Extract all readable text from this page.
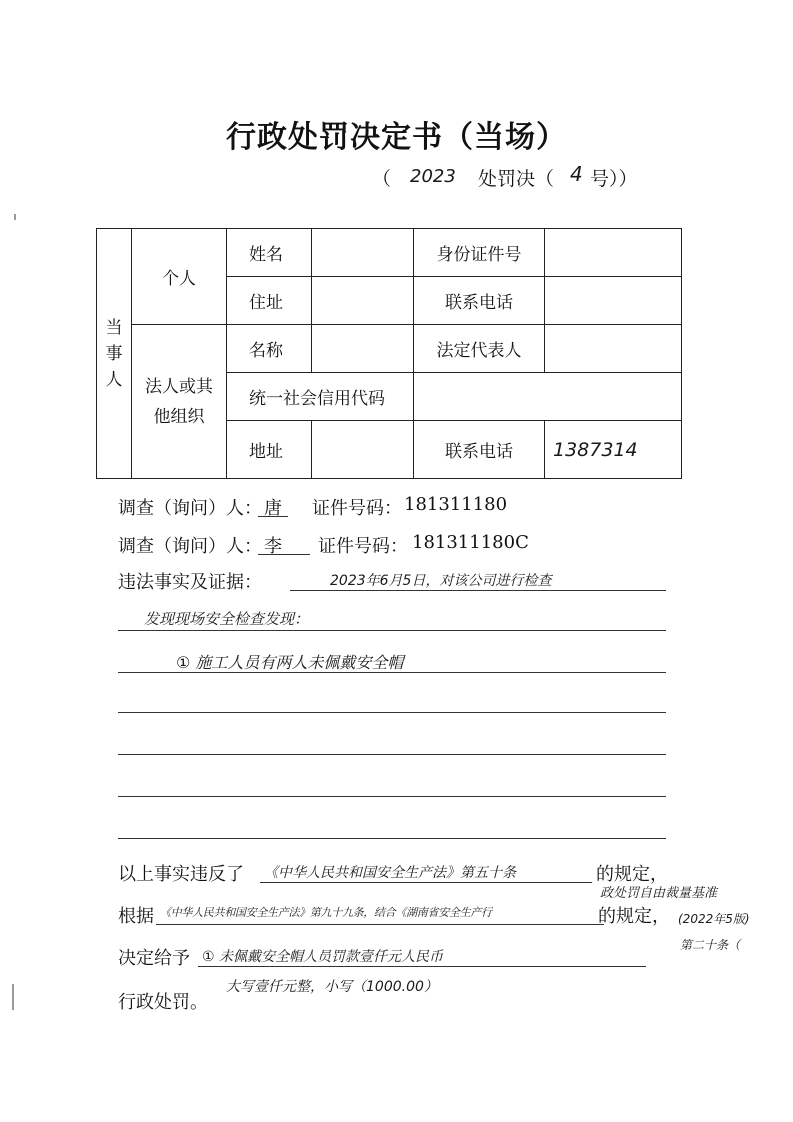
行政处罚决定书（当场）
（ 2023 处罚决（ 4 号））
当事人	个人	姓名		身份证件号	
		住址		联系电话	

	法人或其他组织	名称		法定代表人	
		统一社会信用代码			
		地址		联系电话	1387314
调查（询问）人： 唐 证件号码： 181311180
调查（询问）人： 李 证件号码： 181311180C
违法事实及证据：	2023年6月5日，对该公司进行检查
发现现场安全检查发现：
① 施工人员有两人未佩戴安全帽
以上事实违反了 《中华人民共和国安全生产法》第五十条	的规定，
根据 《中华人民共和国安全生产法》第九十九条，结合《湖南省安全生产行	的规定，
政处罚自由裁量基准
(2022年5版)
第二十条（
决定给予 ① 未佩戴安全帽人员罚款壹仟元人民币
大写壹仟元整，小写（1000.00）
行政处罚。
